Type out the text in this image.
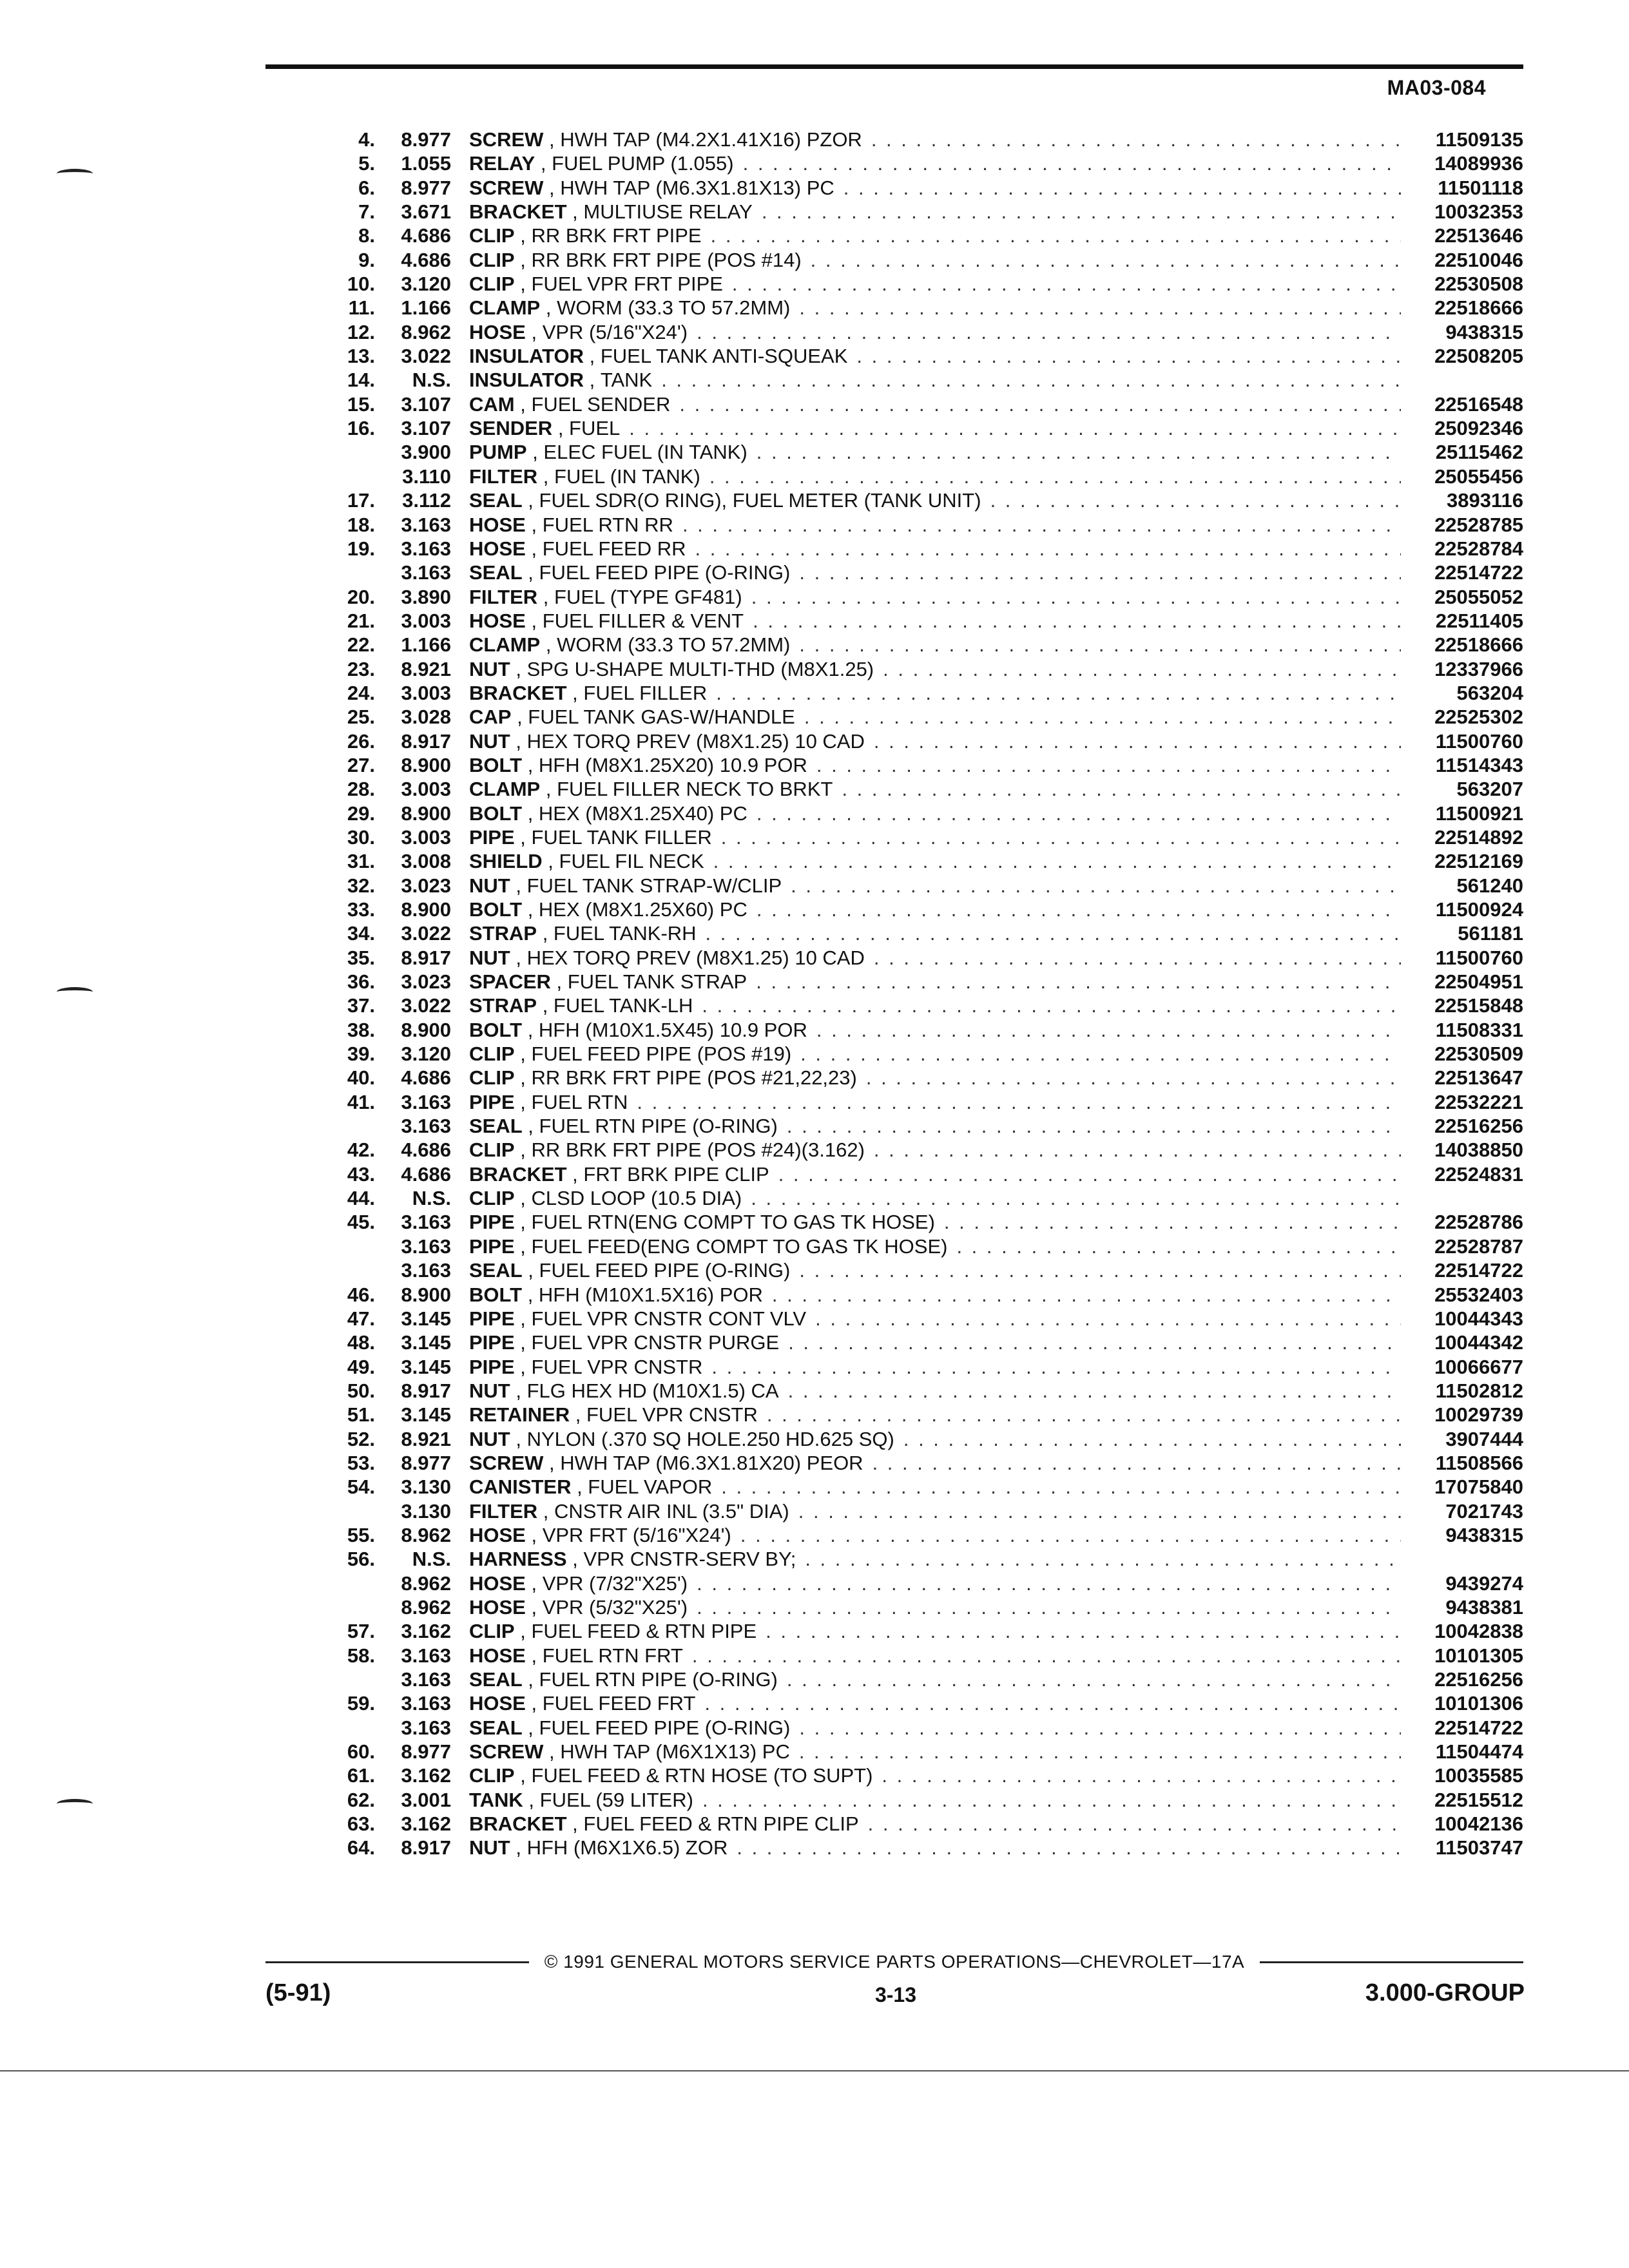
MA03-084
4.	8.977 SCREW , HWH TAP (M4.2X1.41X16) PZOR . . .	11509135
5.	1.055 RELAY , FUEL PUMP (1.055) . . .	14089936
6.	8.977 SCREW , HWH TAP (M6.3X1.81X13) PC . . .	11501118
7.	3.671 BRACKET , MULTIUSE RELAY . . .	10032353
8.	4.686 CLIP , RR BRK FRT PIPE . . .	22513646
9.	4.686 CLIP , RR BRK FRT PIPE (POS #14) . . .	22510046
10.	3.120 CLIP , FUEL VPR FRT PIPE . . .	22530508
11.	1.166 CLAMP , WORM (33.3 TO 57.2MM) . . .	22518666
12.	8.962 HOSE , VPR (5/16"X24') . . .	9438315
13.	3.022 INSULATOR , FUEL TANK ANTI-SQUEAK . . .	22508205
14.	N.S. INSULATOR , TANK
. . .
15.	3.107 CAM , FUEL SENDER . . .	22516548
16.	3.107 SENDER , FUEL . . .	25092346
3.900 PUMP , ELEC FUEL (IN TANK) . . .	25115462
3.110 FILTER , FUEL (IN TANK) . . .	25055456
17.	3.112 SEAL , FUEL SDR(O RING), FUEL METER (TANK UNIT) . . .	3893116
18.	3.163 HOSE , FUEL RTN RR . . .	22528785
19.	3.163 HOSE , FUEL FEED RR . . .	22528784
3.163 SEAL , FUEL FEED PIPE (O-RING) . . .	22514722
20.	3.890 FILTER , FUEL (TYPE GF481) . . .	25055052
21.	3.003 HOSE , FUEL FILLER & VENT . . .	22511405
22.	1.166 CLAMP , WORM (33.3 TO 57.2MM) . . .	22518666
23.	8.921 NUT , SPG U-SHAPE MULTI-THD (M8X1.25) . . .	12337966
24.	3.003 BRACKET , FUEL FILLER . . .	563204
25.	3.028 CAP , FUEL TANK GAS-W/HANDLE . . .	22525302
26.	8.917 NUT , HEX TORQ PREV (M8X1.25) 10 CAD . . .	11500760
27.	8.900 BOLT , HFH (M8X1.25X20) 10.9 POR . . .	11514343
28.	3.003 CLAMP , FUEL FILLER NECK TO BRKT . . .	563207
29.	8.900 BOLT , HEX (M8X1.25X40) PC . . .	11500921
30.	3.003 PIPE , FUEL TANK FILLER . . .	22514892
31.	3.008 SHIELD , FUEL FIL NECK . . .	22512169
32.	3.023 NUT , FUEL TANK STRAP-W/CLIP . . .	561240
33.	8.900 BOLT , HEX (M8X1.25X60) PC . . .	11500924
34.	3.022 STRAP , FUEL TANK-RH . . .	561181
35.	8.917 NUT , HEX TORQ PREV (M8X1.25) 10 CAD . . .	11500760
36.	3.023 SPACER , FUEL TANK STRAP . . .	22504951
37.	3.022 STRAP , FUEL TANK-LH . . .	22515848
38.	8.900 BOLT , HFH (M10X1.5X45) 10.9 POR . . .	11508331
39.	3.120 CLIP , FUEL FEED PIPE (POS #19) . . .	22530509
40.	4.686 CLIP , RR BRK FRT PIPE (POS #21,22,23) . . .	22513647
41.	3.163 PIPE , FUEL RTN . . .	22532221
3.163 SEAL , FUEL RTN PIPE (O-RING) . . .	22516256
42.	4.686 CLIP , RR BRK FRT PIPE (POS #24)(3.162) . . .	14038850
43.	4.686 BRACKET , FRT BRK PIPE CLIP . . .	22524831
44.	N.S. CLIP , CLSD LOOP (10.5 DIA)
. . .
45.	3.163 PIPE , FUEL RTN(ENG COMPT TO GAS TK HOSE) . . .	22528786
3.163 PIPE , FUEL FEED(ENG COMPT TO GAS TK HOSE) . . .	22528787
3.163 SEAL , FUEL FEED PIPE (O-RING) . . .	22514722
46.	8.900 BOLT , HFH (M10X1.5X16) POR . . .	25532403
47.	3.145 PIPE , FUEL VPR CNSTR CONT VLV . . .	10044343
48.	3.145 PIPE , FUEL VPR CNSTR PURGE . . .	10044342
49.	3.145 PIPE , FUEL VPR CNSTR . . .	10066677
50.	8.917 NUT , FLG HEX HD (M10X1.5) CA . . .	11502812
51.	3.145 RETAINER , FUEL VPR CNSTR . . .	10029739
52.	8.921 NUT , NYLON (.370 SQ HOLE.250 HD.625 SQ) . . .	3907444
53.	8.977 SCREW , HWH TAP (M6.3X1.81X20) PEOR . . .	11508566
54.	3.130 CANISTER , FUEL VAPOR . . .	17075840
3.130 FILTER , CNSTR AIR INL (3.5" DIA) . . .	7021743
55.	8.962 HOSE , VPR FRT (5/16"X24') . . .	9438315
56.	N.S. HARNESS , VPR CNSTR-SERV BY;
. . .
8.962 HOSE , VPR (7/32"X25') . . .	9439274
8.962 HOSE , VPR (5/32"X25') . . .	9438381
57.	3.162 CLIP , FUEL FEED & RTN PIPE . . .	10042838
58.	3.163 HOSE , FUEL RTN FRT . . .	10101305
3.163 SEAL , FUEL RTN PIPE (O-RING) . . .	22516256
59.	3.163 HOSE , FUEL FEED FRT . . .	10101306
3.163 SEAL , FUEL FEED PIPE (O-RING) . . .	22514722
60.	8.977 SCREW , HWH TAP (M6X1X13) PC . . .	11504474
61.	3.162 CLIP , FUEL FEED & RTN HOSE (TO SUPT) . . .	10035585
62.	3.001 TANK , FUEL (59 LITER) . . .	22515512
63.	3.162 BRACKET , FUEL FEED & RTN PIPE CLIP . . .	10042136
64.	8.917 NUT , HFH (M6X1X6.5) ZOR . . .	11503747
© 1991 GENERAL MOTORS SERVICE PARTS OPERATIONS—CHEVROLET—17A
(5-91)	3-13	3.000-GROUP
